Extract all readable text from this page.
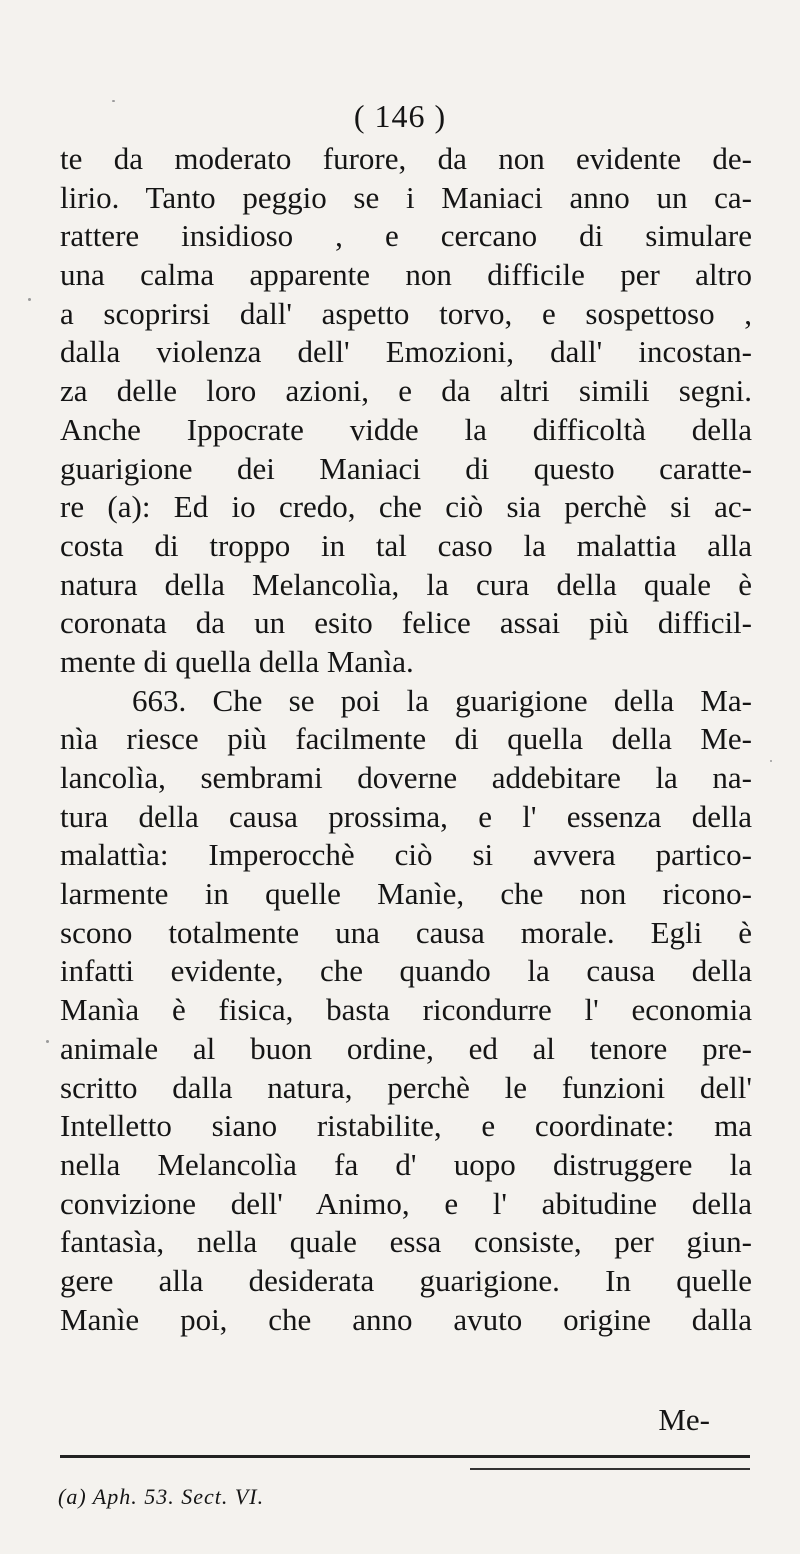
( 146 )
te da moderato furore, da non evidente de-
lirio. Tanto peggio se i Maniaci anno un ca-
rattere insidioso , e cercano di simulare
una calma apparente non difficile per altro
a scoprirsi dall' aspetto torvo, e sospettoso ,
dalla violenza dell' Emozioni, dall' incostan-
za delle loro azioni, e da altri simili segni.
Anche Ippocrate vidde la difficoltà della
guarigione dei Maniaci di questo caratte-
re (a): Ed io credo, che ciò sia perchè si ac-
costa di troppo in tal caso la malattia alla
natura della Melancolìa, la cura della quale è
coronata da un esito felice assai più difficil-
mente di quella della Manìa.
663. Che se poi la guarigione della Ma-
nìa riesce più facilmente di quella della Me-
lancolìa, sembrami doverne addebitare la na-
tura della causa prossima, e l' essenza della
malattìa: Imperocchè ciò si avvera partico-
larmente in quelle Manìe, che non ricono-
scono totalmente una causa morale. Egli è
infatti evidente, che quando la causa della
Manìa è fisica, basta ricondurre l' economia
animale al buon ordine, ed al tenore pre-
scritto dalla natura, perchè le funzioni dell'
Intelletto siano ristabilite, e coordinate: ma
nella Melancolìa fa d' uopo distruggere la
convizione dell' Animo, e l' abitudine della
fantasìa, nella quale essa consiste, per giun-
gere alla desiderata guarigione. In quelle
Manìe poi, che anno avuto origine dalla
Me-
(a) Aph. 53. Sect. VI.
